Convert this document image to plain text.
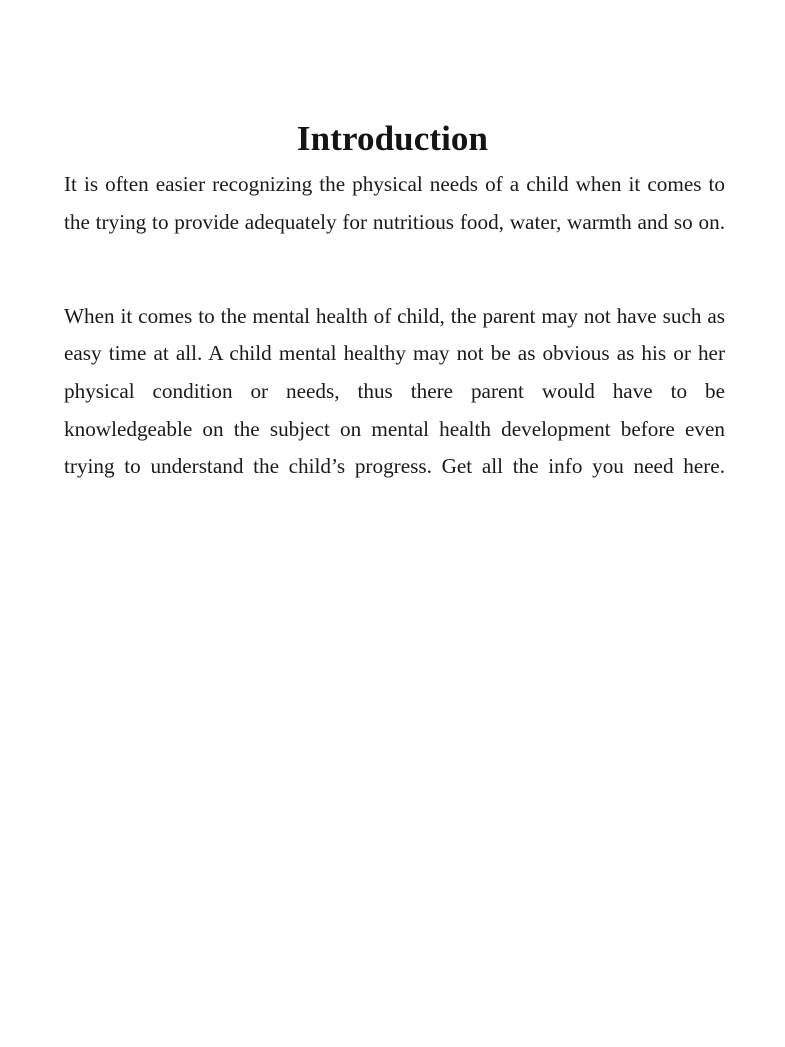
Introduction

It is often easier recognizing the physical needs of a child when it comes to the trying to provide adequately for nutritious food, water, warmth and so on.

When it comes to the mental health of child, the parent may not have such as easy time at all. A child mental healthy may not be as obvious as his or her physical condition or needs, thus there parent would have to be knowledgeable on the subject on mental health development before even trying to understand the child’s progress. Get all the info you need here.
